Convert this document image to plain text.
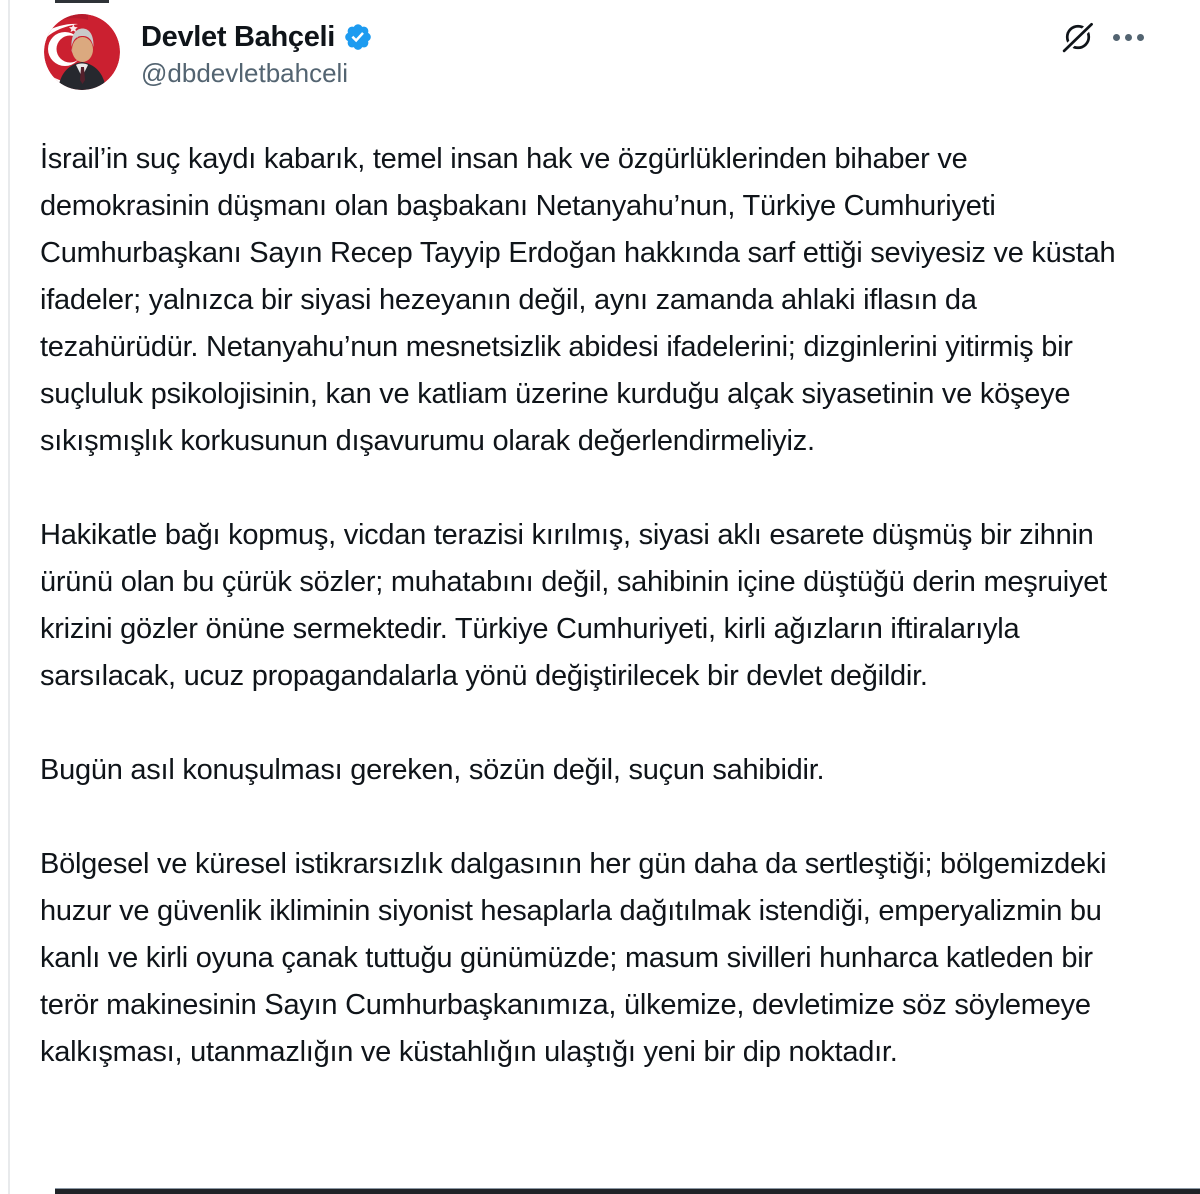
Devlet Bahçeli
@dbdevletbahceli

İsrail’in suç kaydı kabarık, temel insan hak ve özgürlüklerinden bihaber ve demokrasinin düşmanı olan başbakanı Netanyahu’nun, Türkiye Cumhuriyeti Cumhurbaşkanı Sayın Recep Tayyip Erdoğan hakkında sarf ettiği seviyesiz ve küstah ifadeler; yalnızca bir siyasi hezeyanın değil, aynı zamanda ahlaki iflasın da tezahürüdür. Netanyahu’nun mesnetsizlik abidesi ifadelerini; dizginlerini yitirmiş bir suçluluk psikolojisinin, kan ve katliam üzerine kurduğu alçak siyasetinin ve köşeye sıkışmışlık korkusunun dışavurumu olarak değerlendirmeliyiz.

Hakikatle bağı kopmuş, vicdan terazisi kırılmış, siyasi aklı esarete düşmüş bir zihnin ürünü olan bu çürük sözler; muhatabını değil, sahibinin içine düştüğü derin meşruiyet krizini gözler önüne sermektedir. Türkiye Cumhuriyeti, kirli ağızların iftiralarıyla sarsılacak, ucuz propagandalarla yönü değiştirilecek bir devlet değildir.

Bugün asıl konuşulması gereken, sözün değil, suçun sahibidir.

Bölgesel ve küresel istikrarsızlık dalgasının her gün daha da sertleştiği; bölgemizdeki huzur ve güvenlik ikliminin siyonist hesaplarla dağıtılmak istendiği, emperyalizmin bu kanlı ve kirli oyuna çanak tuttuğu günümüzde; masum sivilleri hunharca katleden bir terör makinesinin Sayın Cumhurbaşkanımıza, ülkemize, devletimize söz söylemeye kalkışması, utanmazlığın ve küstahlığın ulaştığı yeni bir dip noktadır.
